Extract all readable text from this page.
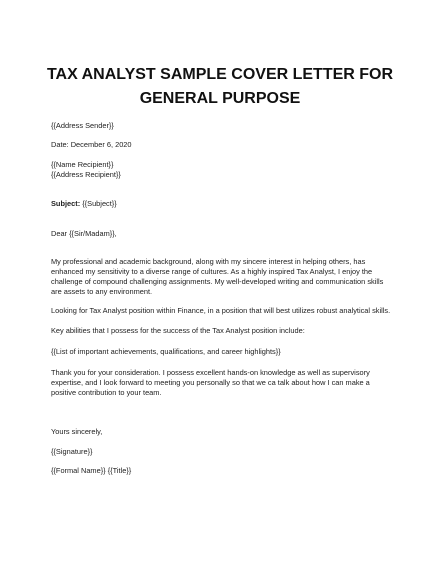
TAX ANALYST SAMPLE COVER LETTER FOR
GENERAL PURPOSE

{{Address Sender}}

Date: December 6, 2020

{{Name Recipient}}

{{Address Recipient}}

Subject: {{Subject}}

Dear {{Sir/Madam}},

My professional and academic background, along with my sincere interest in helping others, has
enhanced my sensitivity to a diverse range of cultures. As a highly inspired Tax Analyst, I enjoy the
challenge of compound challenging assignments. My well-developed writing and communication skills
are assets to any environment.

Looking for Tax Analyst position within Finance, in a position that will best utilizes robust analytical skills.

Key abilities that I possess for the success of the Tax Analyst position include:

{{List of important achievements, qualifications, and career highlights}}

Thank you for your consideration. I possess excellent hands-on knowledge as well as supervisory
expertise, and I look forward to meeting you personally so that we ca talk about how I can make a
positive contribution to your team.

Yours sincerely,

{{Signature}}

{{Formal Name}} {{Title}}
